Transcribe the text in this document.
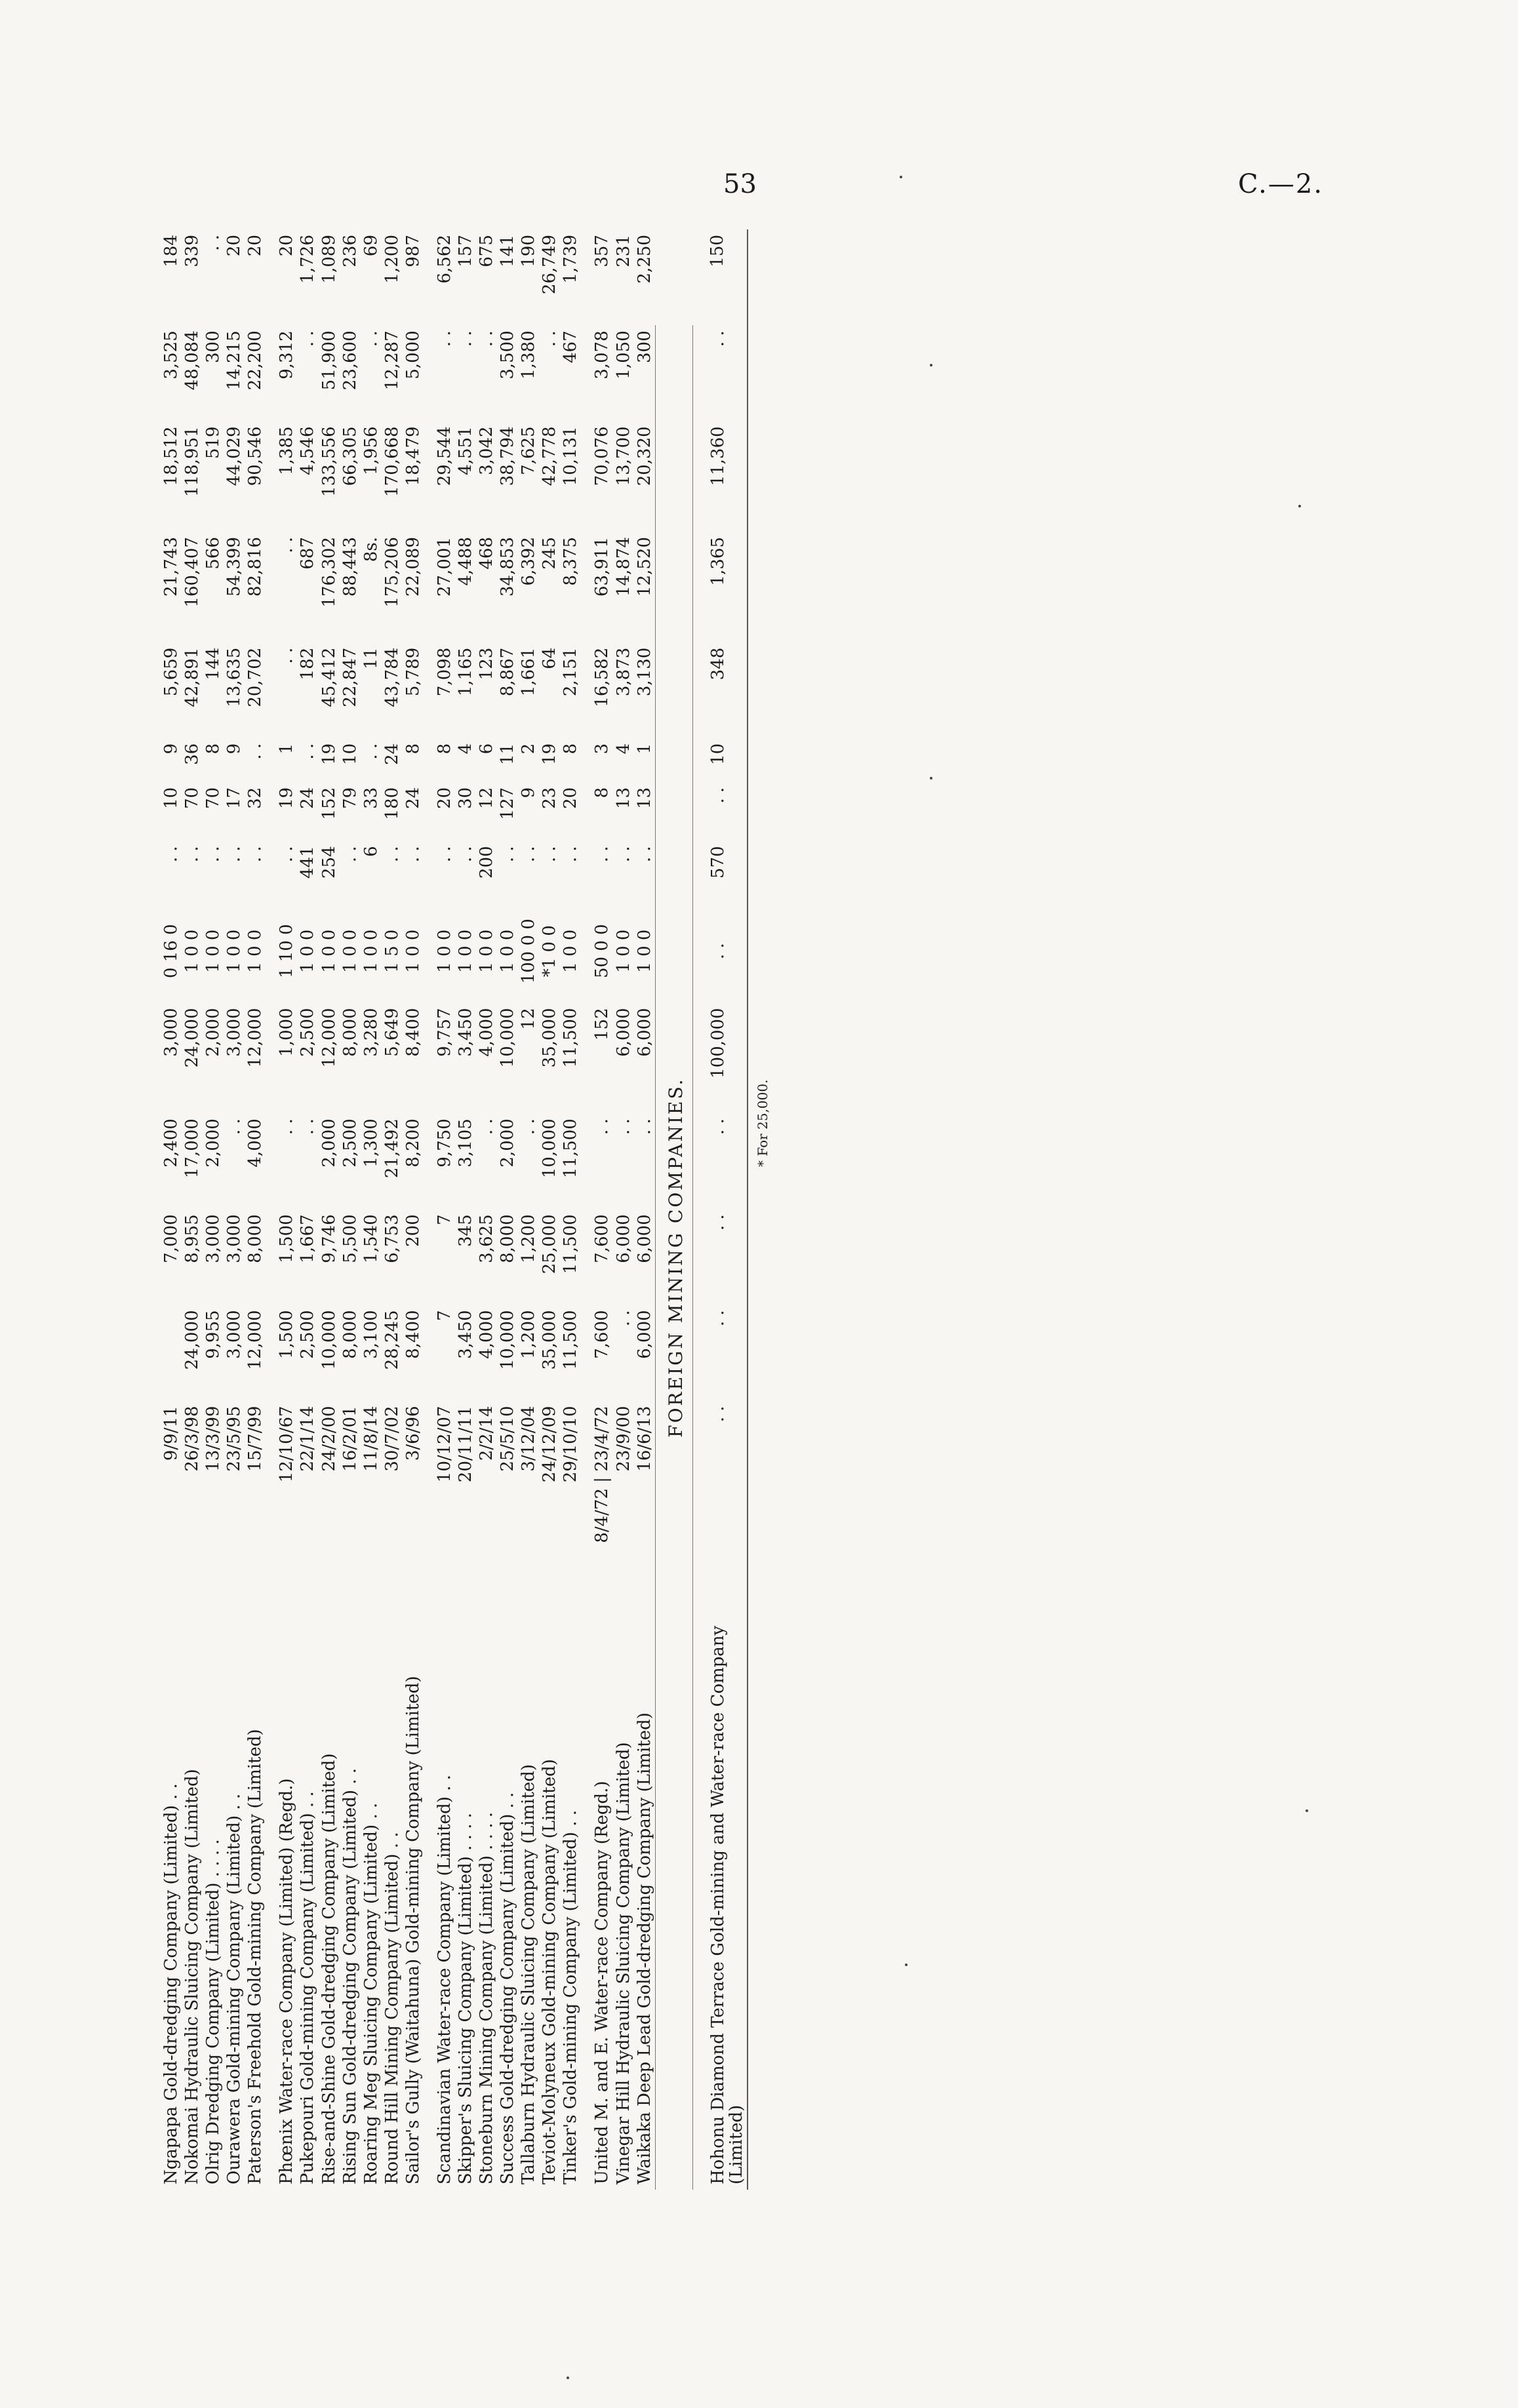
53	C.—2.
Ngapapa Gold-dredging Company (Limited) . .	9/9/11		7,000	2,400	3,000	0 16 0	. .	10	9	5,659	21,743	18,512	3,525	184
Nokomai Hydraulic Sluicing Company (Limited)	26/3/98	24,000	8,955	17,000	24,000	1 0 0	. .	70	36	42,891	160,407	118,951	48,084	339
Olrig Dredging Company (Limited) . . . .	13/3/99	9,955	3,000	2,000	2,000	1 0 0	. .	70	8	144	566	519	300	. .
Ourawera Gold-mining Company (Limited) . .	23/5/95	3,000	3,000	. .	3,000	1 0 0	. .	17	9	13,635	54,399	44,029	14,215	20
Paterson's Freehold Gold-mining Company (Limited)	15/7/99	12,000	8,000	4,000	12,000	1 0 0	. .	32	. .	20,702	82,816	90,546	22,200	20
Phœnix Water-race Company (Limited) (Regd.)	12/10/67	1,500	1,500	. .	1,000	1 10 0	. .	19	1	. .	. .	1,385	9,312	20
Pukepouri Gold-mining Company (Limited) . .	22/1/14	2,500	1,667	. .	2,500	1 0 0	441	24	. .	182	687	4,546	. .	1,726
Rise-and-Shine Gold-dredging Company (Limited)	24/2/00	10,000	9,746	2,000	12,000	1 0 0	254	152	19	45,412	176,302	133,556	51,900	1,089
Rising Sun Gold-dredging Company (Limited) . .	16/2/01	8,000	5,500	2,500	8,000	1 0 0	. .	79	10	22,847	88,443	66,305	23,600	236
Roaring Meg Sluicing Company (Limited) . .	11/8/14	3,100	1,540	1,300	3,280	1 0 0	6	33	. .	11	8s.	1,956	. .	69
Round Hill Mining Company (Limited) . .	30/7/02	28,245	6,753	21,492	5,649	1 5 0	. .	180	24	43,784	175,206	170,668	12,287	1,200
Sailor's Gully (Waitahuna) Gold-mining Company (Limited)	3/6/96	8,400	200	8,200	8,400	1 0 0	. .	24	8	5,789	22,089	18,479	5,000	987
Scandinavian Water-race Company (Limited) . .	10/12/07	7	7	9,750	9,757	1 0 0	. .	20	8	7,098	27,001	29,544	. .	6,562
Skipper's Sluicing Company (Limited) . . . .	20/11/11	3,450	345	3,105	3,450	1 0 0	. .	30	4	1,165	4,488	4,551	. .	157
Stoneburn Mining Company (Limited) . . . .	2/2/14	4,000	3,625	. .	4,000	1 0 0	200	12	6	123	468	3,042	. .	675
Success Gold-dredging Company (Limited) . .	25/5/10	10,000	8,000	2,000	10,000	1 0 0	. .	127	11	8,867	34,853	38,794	3,500	141
Tallaburn Hydraulic Sluicing Company (Limited)	3/12/04	1,200	1,200	. .	12	100 0 0	. .	9	2	1,661	6,392	7,625	1,380	190
Teviot-Molyneux Gold-mining Company (Limited)	24/12/09	35,000	25,000	10,000	35,000	*1 0 0	. .	23	19	64	245	42,778	. .	26,749
Tinker's Gold-mining Company (Limited) . .	29/10/10	11,500	11,500	11,500	11,500	1 0 0	. .	20	8	2,151	8,375	10,131	467	1,739
United M. and E. Water-race Company (Regd.)	8/4/72 | 23/4/72	7,600	7,600	. .	152	50 0 0	. .	8	3	16,582	63,911	70,076	3,078	357
Vinegar Hill Hydraulic Sluicing Company (Limited)	23/9/00	. .	6,000	. .	6,000	1 0 0	. .	13	4	3,873	14,874	13,700	1,050	231
Waikaka Deep Lead Gold-dredging Company (Limited)	16/6/13	6,000	6,000	. .	6,000	1 0 0	. .	13	1	3,130	12,520	20,320	300	2,250
FOREIGN MINING COMPANIES.														
Hohonu Diamond Terrace Gold-mining and Water-race Company (Limited)	. .	. .	. .	. .	100,000	. .	570	. .	10	348	1,365	11,360	. .	150
* For 25,000.
